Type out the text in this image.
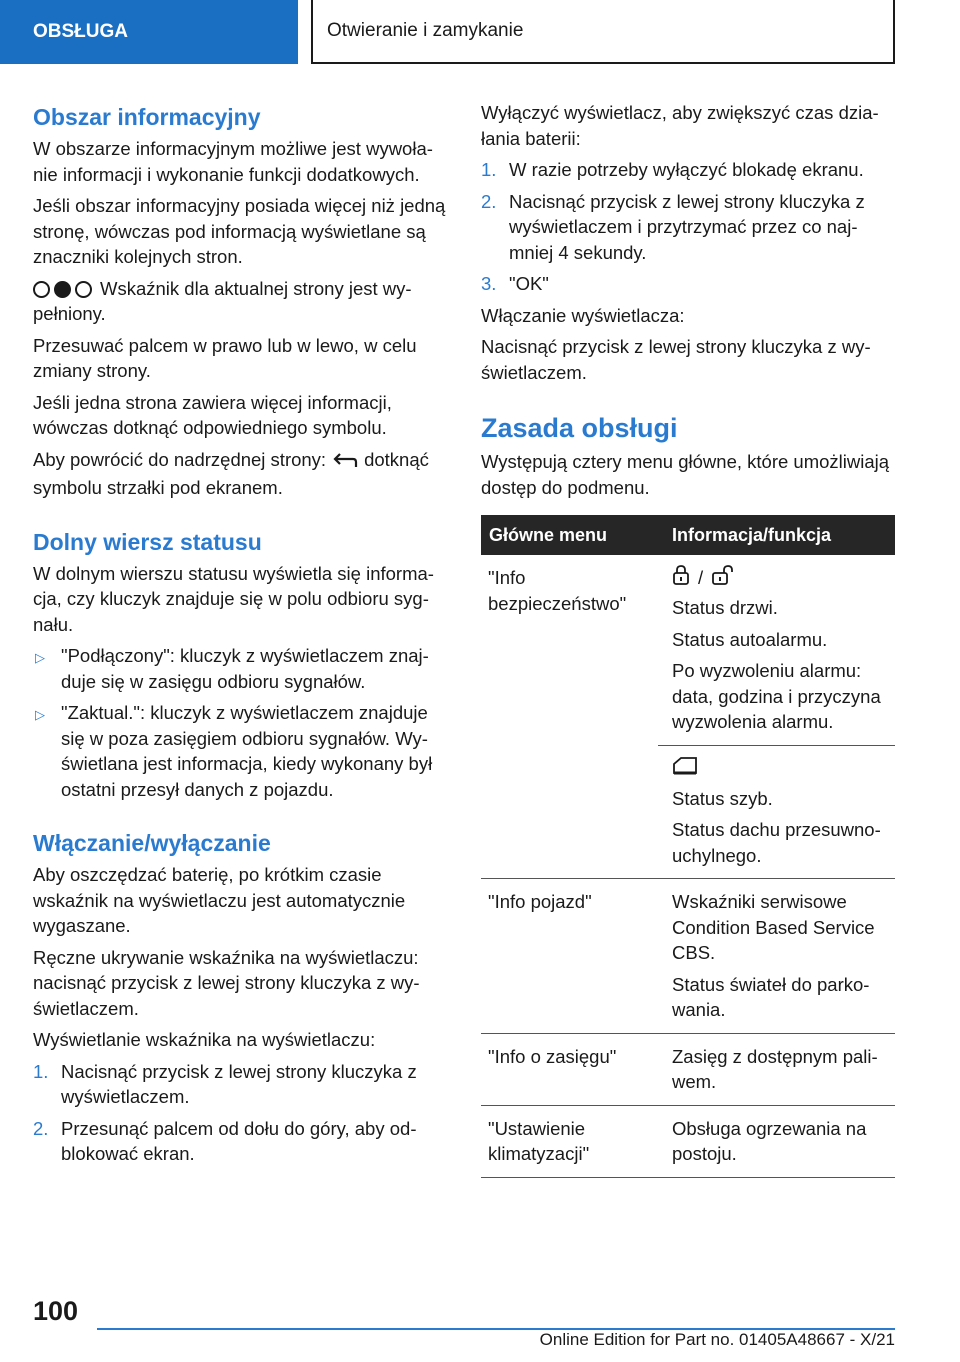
OBSŁUGA	Otwieranie i zamykanie
Obszar informacyjny

W obszarze informacyjnym możliwe jest wywołanie informacji i wykonanie funkcji dodatkowych.

Jeśli obszar informacyjny posiada więcej niż jedną stronę, wówczas pod informacją wyświetlane są znaczniki kolejnych stron.

Wskaźnik dla aktualnej strony jest wypełniony.

Przesuwać palcem w prawo lub w lewo, w celu zmiany strony.

Jeśli jedna strona zawiera więcej informacji, wówczas dotknąć odpowiedniego symbolu.

Aby powrócić do nadrzędnej strony: dotknąć symbolu strzałki pod ekranem.

Dolny wiersz statusu

W dolnym wierszu statusu wyświetla się informacja, czy kluczyk znajduje się w polu odbioru sygnału.

▷ "Podłączony": kluczyk z wyświetlaczem znajduje się w zasięgu odbioru sygnałów.
▷ "Zaktual.": kluczyk z wyświetlaczem znajduje się w poza zasięgiem odbioru sygnałów. Wyświetlana jest informacja, kiedy wykonany był ostatni przesył danych z pojazdu.
Włączanie/wyłączanie

Aby oszczędzać baterię, po krótkim czasie wskaźnik na wyświetlaczu jest automatycznie wygaszane.

Ręczne ukrywanie wskaźnika na wyświetlaczu: nacisnąć przycisk z lewej strony kluczyka z wyświetlaczem.

Wyświetlanie wskaźnika na wyświetlaczu:

1. Nacisnąć przycisk z lewej strony kluczyka z wyświetlaczem.
2. Przesunąć palcem od dołu do góry, aby odblokować ekran.

Wyłączyć wyświetlacz, aby zwiększyć czas działania baterii:

1. W razie potrzeby wyłączyć blokadę ekranu.
2. Nacisnąć przycisk z lewej strony kluczyka z wyświetlaczem i przytrzymać przez co najmniej 4 sekundy.
3. "OK"

Włączanie wyświetlacza:

Nacisnąć przycisk z lewej strony kluczyka z wyświetlaczem.

Zasada obsługi

Występują cztery menu główne, które umożliwiają dostęp do podmenu.

Główne menu	Informacja/funkcja
"Info bezpieczeństwo"	/

Status drzwi.

Status autoalarmu.

Po wyzwoleniu alarmu: data, godzina i przyczyna wyzwolenia alarmu.

	Status szyb.

Status dachu przesuwno-uchylnego.

"Info pojazd"	Wskaźniki serwisowe Condition Based Service CBS.

Status świateł do parkowania.

"Info o zasięgu"	Zasięg z dostępnym paliwem.

"Ustawienie klimatyzacji"	Obsługa ogrzewania na postoju.

100
Online Edition for Part no. 01405A48667 - X/21
